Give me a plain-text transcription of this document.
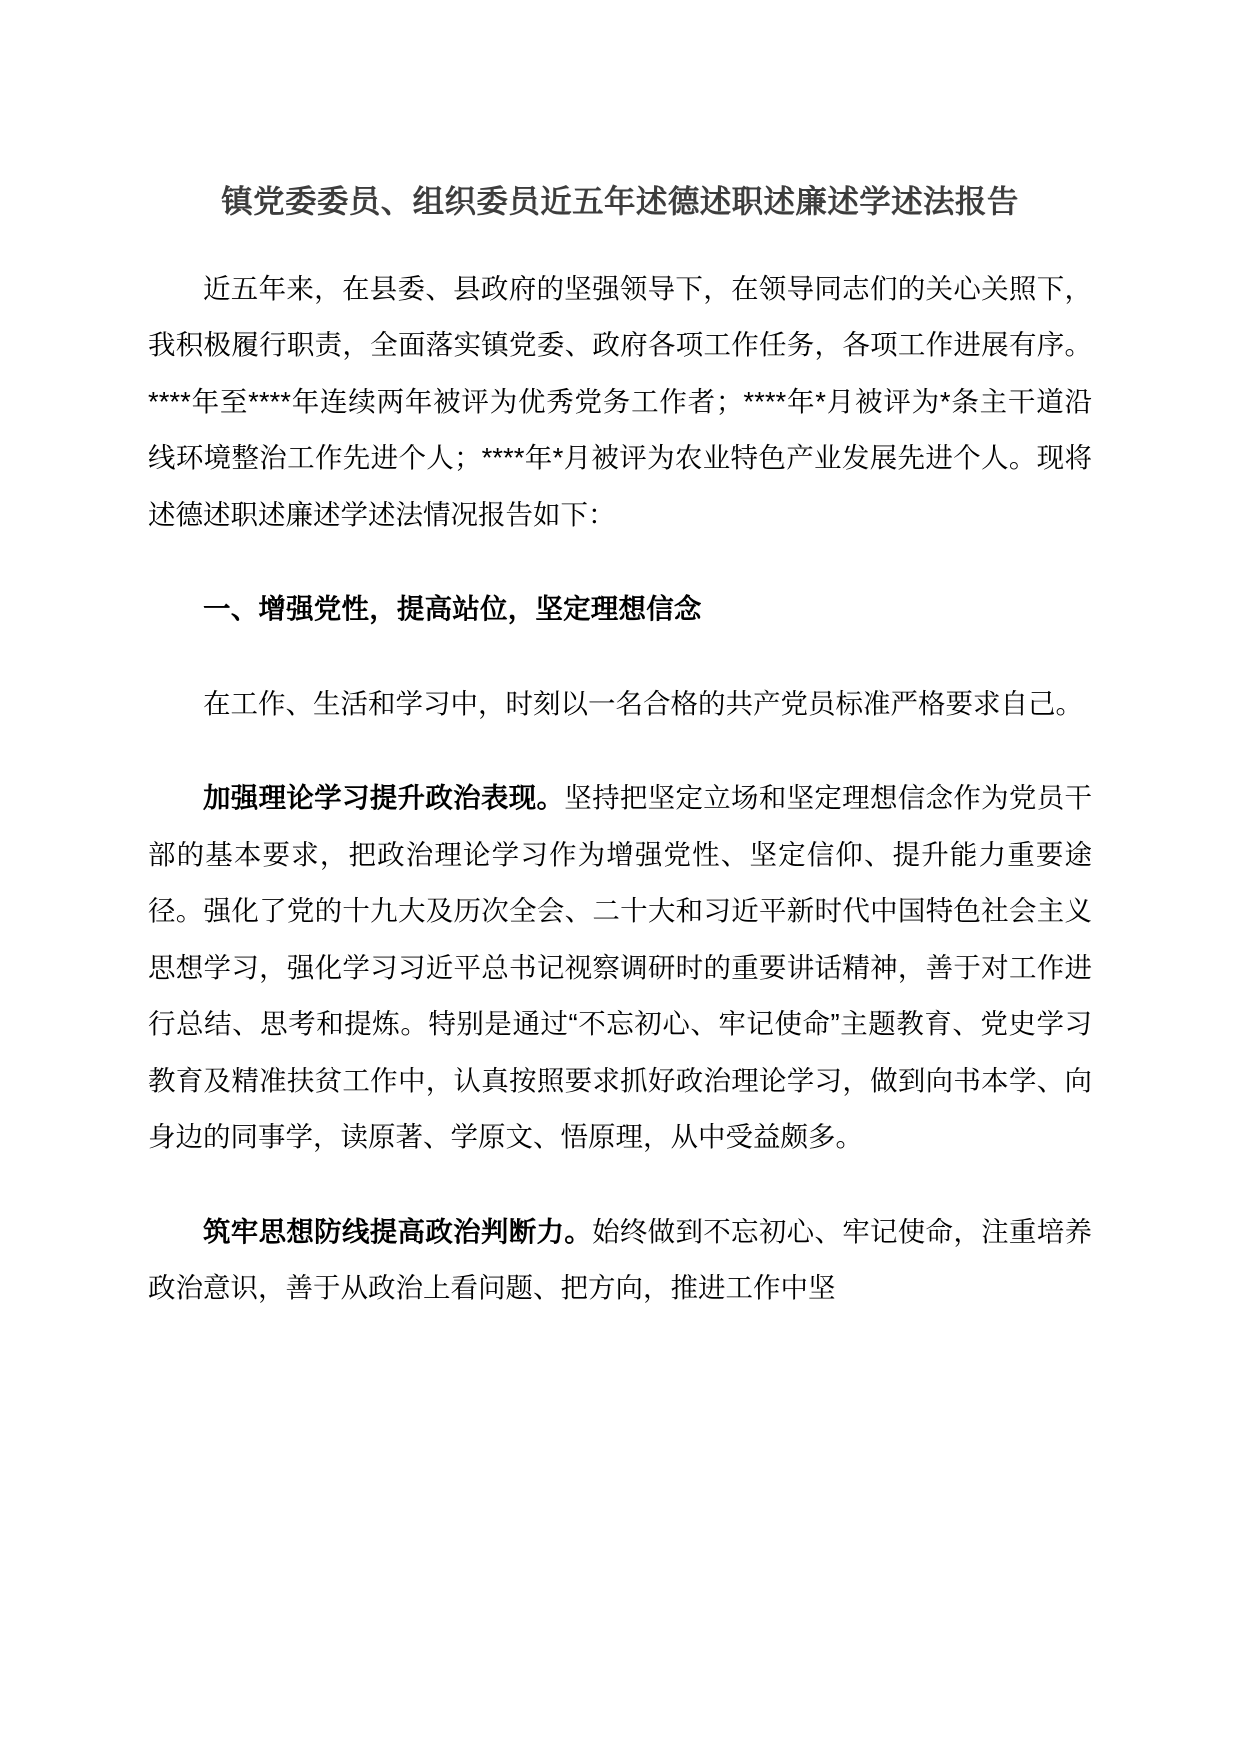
镇党委委员、组织委员近五年述德述职述廉述学述法报告

近五年来，在县委、县政府的坚强领导下，在领导同志们的关心关照下，我积极履行职责，全面落实镇党委、政府各项工作任务，各项工作进展有序。****年至****年连续两年被评为优秀党务工作者；****年*月被评为*条主干道沿线环境整治工作先进个人；****年*月被评为农业特色产业发展先进个人。现将述德述职述廉述学述法情况报告如下：

一、增强党性，提高站位，坚定理想信念

在工作、生活和学习中，时刻以一名合格的共产党员标准严格要求自己。

加强理论学习提升政治表现。坚持把坚定立场和坚定理想信念作为党员干部的基本要求，把政治理论学习作为增强党性、坚定信仰、提升能力重要途径。强化了党的十九大及历次全会、二十大和习近平新时代中国特色社会主义思想学习，强化学习习近平总书记视察调研时的重要讲话精神，善于对工作进行总结、思考和提炼。特别是通过“不忘初心、牢记使命”主题教育、党史学习教育及精准扶贫工作中，认真按照要求抓好政治理论学习，做到向书本学、向身边的同事学，读原著、学原文、悟原理，从中受益颇多。

筑牢思想防线提高政治判断力。始终做到不忘初心、牢记使命，注重培养政治意识，善于从政治上看问题、把方向，推进工作中坚
